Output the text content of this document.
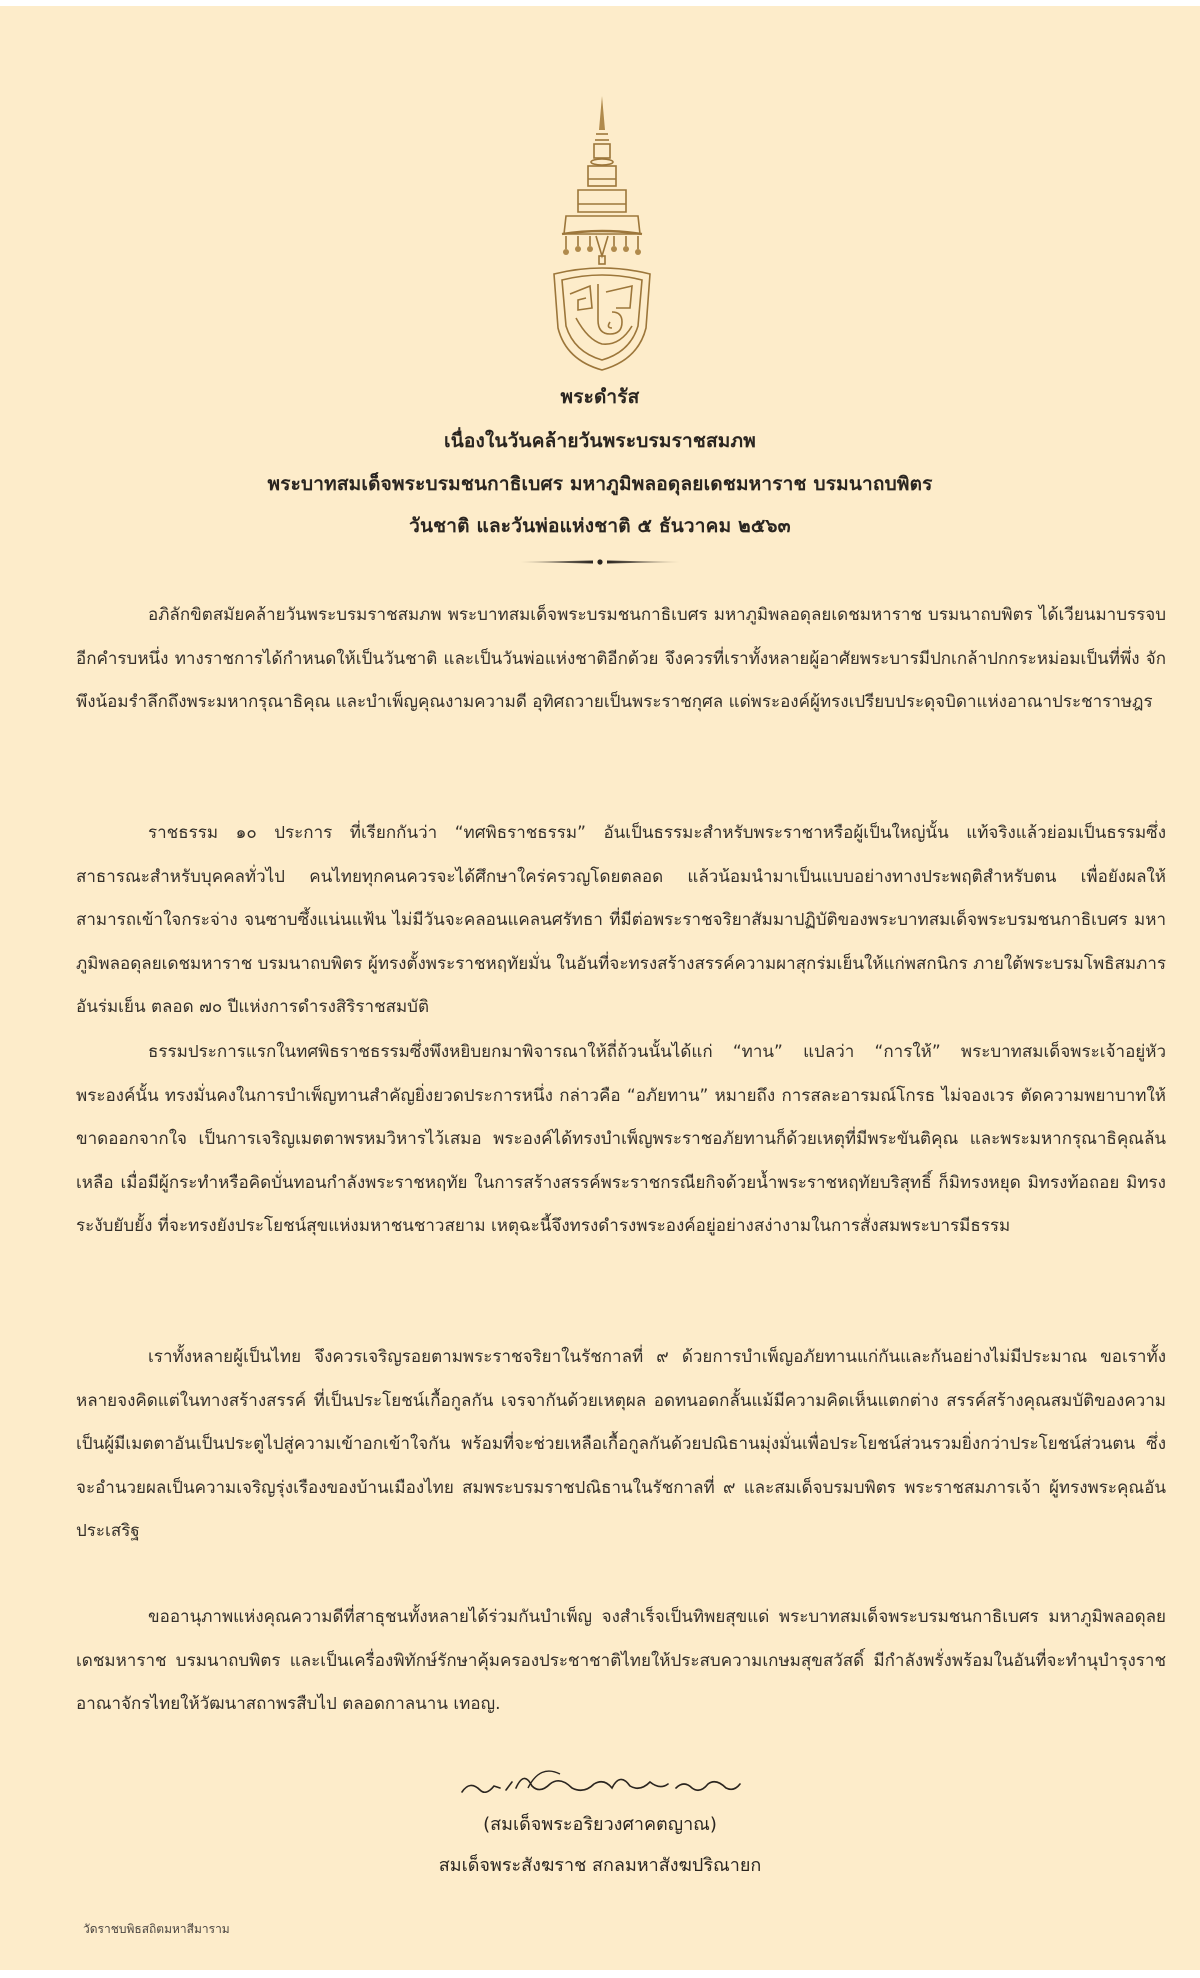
พระดำรัส
เนื่องในวันคล้ายวันพระบรมราชสมภพ
พระบาทสมเด็จพระบรมชนกาธิเบศร มหาภูมิพลอดุลยเดชมหาราช บรมนาถบพิตร
วันชาติ และวันพ่อแห่งชาติ ๕ ธันวาคม ๒๕๖๓

อภิลักขิตสมัยคล้ายวันพระบรมราชสมภพ พระบาทสมเด็จพระบรมชนกาธิเบศร มหาภูมิพลอดุลยเดชมหาราช บรมนาถบพิตร ได้เวียนมาบรรจบอีกคำรบหนึ่ง ทางราชการได้กำหนดให้เป็นวันชาติ และเป็นวันพ่อแห่งชาติอีกด้วย จึงควรที่เราทั้งหลายผู้อาศัยพระบารมีปกเกล้าปกกระหม่อมเป็นที่พึ่ง จักพึงน้อมรำลึกถึงพระมหากรุณาธิคุณ และบำเพ็ญคุณงามความดี อุทิศถวายเป็นพระราชกุศล แด่พระองค์ผู้ทรงเปรียบประดุจบิดาแห่งอาณาประชาราษฎร

ราชธรรม ๑๐ ประการ ที่เรียกกันว่า “ทศพิธราชธรรม” อันเป็นธรรมะสำหรับพระราชาหรือผู้เป็นใหญ่นั้น แท้จริงแล้วย่อมเป็นธรรมซึ่งสาธารณะสำหรับบุคคลทั่วไป คนไทยทุกคนควรจะได้ศึกษาใคร่ครวญโดยตลอด แล้วน้อมนำมาเป็นแบบอย่างทางประพฤติสำหรับตน เพื่อยังผลให้สามารถเข้าใจกระจ่าง จนซาบซึ้งแน่นแฟ้น ไม่มีวันจะคลอนแคลนศรัทธา ที่มีต่อพระราชจริยาสัมมาปฏิบัติของพระบาทสมเด็จพระบรมชนกาธิเบศร มหาภูมิพลอดุลยเดชมหาราช บรมนาถบพิตร ผู้ทรงตั้งพระราชหฤทัยมั่น ในอันที่จะทรงสร้างสรรค์ความผาสุกร่มเย็นให้แก่พสกนิกร ภายใต้พระบรมโพธิสมภารอันร่มเย็น ตลอด ๗๐ ปีแห่งการดำรงสิริราชสมบัติ

ธรรมประการแรกในทศพิธราชธรรมซึ่งพึงหยิบยกมาพิจารณาให้ถี่ถ้วนนั้นได้แก่ “ทาน” แปลว่า “การให้” พระบาทสมเด็จพระเจ้าอยู่หัวพระองค์นั้น ทรงมั่นคงในการบำเพ็ญทานสำคัญยิ่งยวดประการหนึ่ง กล่าวคือ “อภัยทาน” หมายถึง การสละอารมณ์โกรธ ไม่จองเวร ตัดความพยาบาทให้ขาดออกจากใจ เป็นการเจริญเมตตาพรหมวิหารไว้เสมอ พระองค์ได้ทรงบำเพ็ญพระราชอภัยทานก็ด้วยเหตุที่มีพระขันติคุณ และพระมหากรุณาธิคุณล้นเหลือ เมื่อมีผู้กระทำหรือคิดบั่นทอนกำลังพระราชหฤทัย ในการสร้างสรรค์พระราชกรณียกิจด้วยน้ำพระราชหฤทัยบริสุทธิ์ ก็มิทรงหยุด มิทรงท้อถอย มิทรงระงับยับยั้ง ที่จะทรงยังประโยชน์สุขแห่งมหาชนชาวสยาม เหตุฉะนี้จึงทรงดำรงพระองค์อยู่อย่างสง่างามในการสั่งสมพระบารมีธรรม

เราทั้งหลายผู้เป็นไทย จึงควรเจริญรอยตามพระราชจริยาในรัชกาลที่ ๙ ด้วยการบำเพ็ญอภัยทานแก่กันและกันอย่างไม่มีประมาณ ขอเราทั้งหลายจงคิดแต่ในทางสร้างสรรค์ ที่เป็นประโยชน์เกื้อกูลกัน เจรจากันด้วยเหตุผล อดทนอดกลั้นแม้มีความคิดเห็นแตกต่าง สรรค์สร้างคุณสมบัติของความเป็นผู้มีเมตตาอันเป็นประตูไปสู่ความเข้าอกเข้าใจกัน พร้อมที่จะช่วยเหลือเกื้อกูลกันด้วยปณิธานมุ่งมั่นเพื่อประโยชน์ส่วนรวมยิ่งกว่าประโยชน์ส่วนตน ซึ่งจะอำนวยผลเป็นความเจริญรุ่งเรืองของบ้านเมืองไทย สมพระบรมราชปณิธานในรัชกาลที่ ๙ และสมเด็จบรมบพิตร พระราชสมภารเจ้า ผู้ทรงพระคุณอันประเสริฐ

ขออานุภาพแห่งคุณความดีที่สาธุชนทั้งหลายได้ร่วมกันบำเพ็ญ จงสำเร็จเป็นทิพยสุขแด่ พระบาทสมเด็จพระบรมชนกาธิเบศร มหาภูมิพลอดุลยเดชมหาราช บรมนาถบพิตร และเป็นเครื่องพิทักษ์รักษาคุ้มครองประชาชาติไทยให้ประสบความเกษมสุขสวัสดิ์ มีกำลังพรั่งพร้อมในอันที่จะทำนุบำรุงราชอาณาจักรไทยให้วัฒนาสถาพรสืบไป ตลอดกาลนาน เทอญ.

(สมเด็จพระอริยวงศาคตญาณ)
สมเด็จพระสังฆราช สกลมหาสังฆปริณายก
วัดราชบพิธสถิตมหาสีมาราม
